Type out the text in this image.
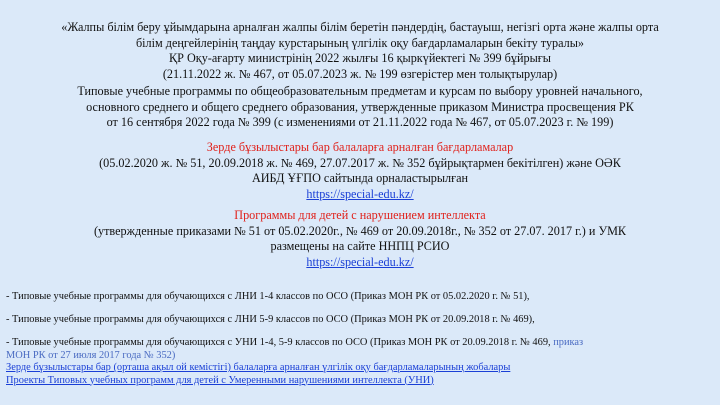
«Жалпы білім беру ұйымдарына арналған жалпы білім беретін пәндердің, бастауыш, негізгі орта және жалпы орта
білім деңгейлерінің таңдау курстарының үлгілік оқу бағдарламаларын бекіту туралы»
ҚР Оқу-ағарту министрінің 2022 жылғы 16 қыркүйектегі № 399 бұйрығы
(21.11.2022 ж. № 467, от 05.07.2023 ж. № 199 өзгерістер мен толықтырулар)
Типовые учебные программы по общеобразовательным предметам и курсам по выбору уровней начального,
основного среднего и общего среднего образования, утвержденные приказом Министра просвещения РК
от 16 сентября 2022 года № 399 (с изменениями от 21.11.2022 года № 467, от 05.07.2023 г. № 199)
Зерде бұзылыстары бар балаларға арналған бағдарламалар
(05.02.2020 ж. № 51, 20.09.2018 ж. № 469, 27.07.2017 ж. № 352 бұйрықтармен бекітілген) және ОӘК
АИБД ҰҒПО сайтында орналастырылған
https://special-edu.kz/
Программы для детей с нарушением интеллекта
(утвержденные приказами № 51 от 05.02.2020г., № 469 от 20.09.2018г., № 352 от 27.07. 2017 г.) и УМК
размещены на сайте ННПЦ РСИО
https://special-edu.kz/
- Типовые учебные программы для обучающихся с ЛНИ 1-4 классов по ОСО (Приказ МОН РК от 05.02.2020 г. № 51),
- Типовые учебные программы для обучающихся с ЛНИ 5-9 классов по ОСО (Приказ МОН РК от 20.09.2018 г. № 469),
- Типовые учебные программы для обучающихся с УНИ 1-4, 5-9 классов по ОСО (Приказ МОН РК от 20.09.2018 г. № 469, приказ
МОН РК от 27 июля 2017 года № 352)
Зерде бұзылыстары бар (орташа ақыл ой кемістігі) балаларға арналған үлгілік оқу бағдарламаларының жобалары
Проекты Типовых учебных программ для детей с Умеренными нарушениями интеллекта (УНИ)
